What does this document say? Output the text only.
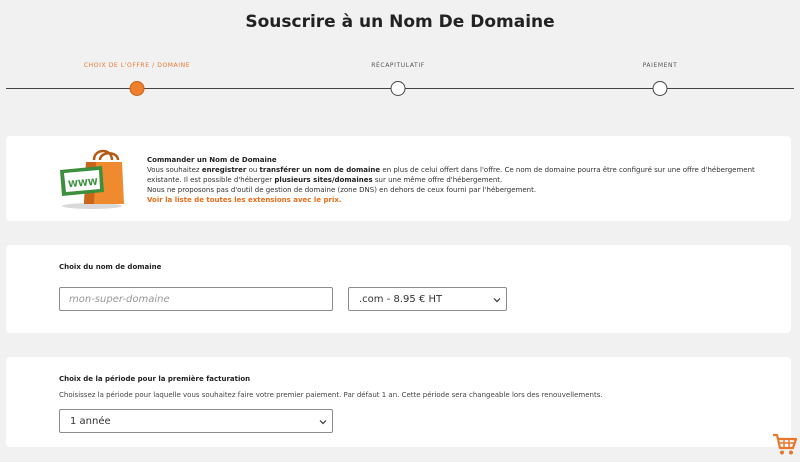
Souscrire à un Nom De Domaine
CHOIX DE L'OFFRE / DOMAINE	RÉCAPITULATIF	PAIEMENT
WWW
Commander un Nom de Domaine
Vous souhaitez enregistrer ou transférer un nom de domaine en plus de celui offert dans l'offre. Ce nom de domaine pourra être configuré sur une offre d'hébergement
existante. Il est possible d'héberger plusieurs sites/domaines sur une même offre d'hébergement.
Nous ne proposons pas d'outil de gestion de domaine (zone DNS) en dehors de ceux fourni par l'hébergement.
Voir la liste de toutes les extensions avec le prix.
Choix du nom de domaine
mon-super-domaine
.com - 8.95 € HT
Choix de la période pour la première facturation
Choisissez la période pour laquelle vous souhaitez faire votre premier paiement. Par défaut 1 an. Cette période sera changeable lors des renouvellements.
1 année
